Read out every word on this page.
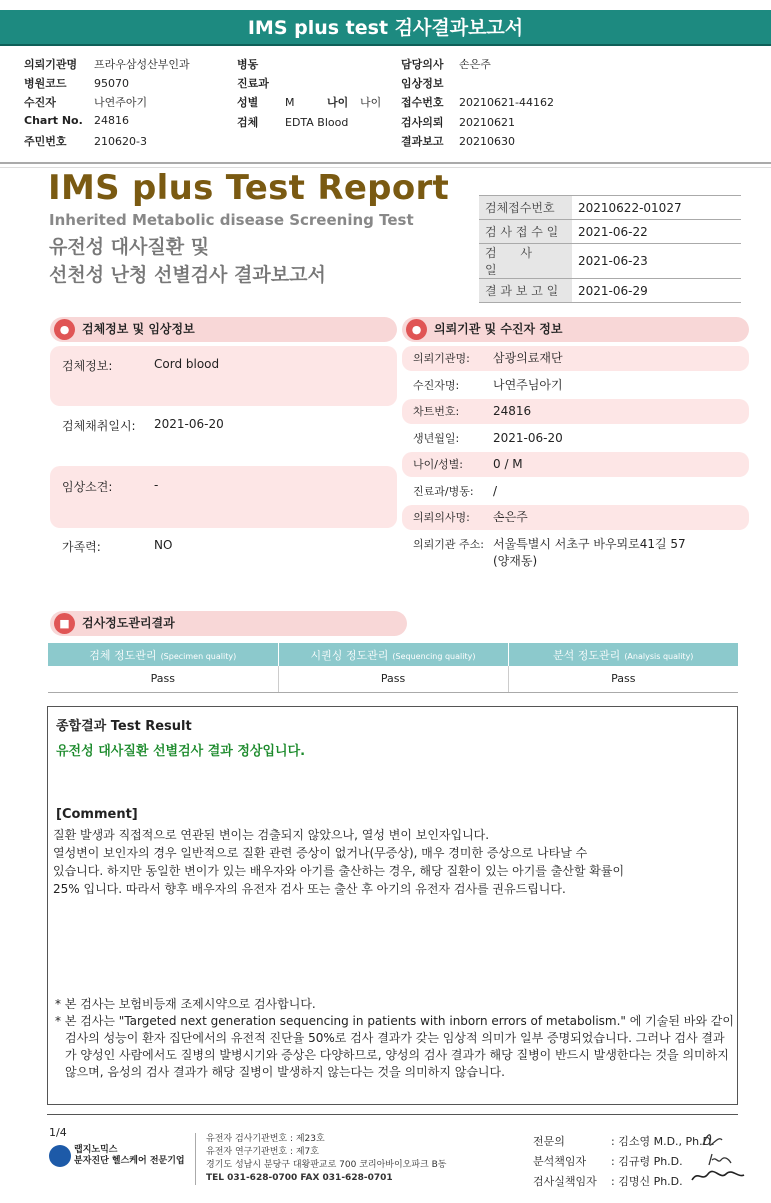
IMS plus test 검사결과보고서
의뢰기관명 프라우삼성산부인과
병원코드 95070
수진자	나연주아기
Chart No. 24816
주민번호 210620-3
병동
진료과
성별 M	나이 나이
검체 EDTA Blood
담당의사 손은주
임상정보
접수번호 20210621-44162
검사의뢰 20210621
결과보고 20210630
IMS plus Test Report
Inherited Metabolic disease Screening Test
유전성 대사질환 및
선천성 난청 선별검사 결과보고서
검체접수번호	20210622-01027
검 사 접 수 일	2021-06-22
검 사 일	2021-06-23
결 과 보 고 일	2021-06-29
●	검체정보 및 임상정보
검체정보:	Cord blood
검체채취일시: 2021-06-20
임상소견:	-
가족력:	NO
●	의뢰기관 및 수진자 정보
의뢰기관명: 삼광의료재단
수진자명:	나연주님아기
차트번호:	24816
생년월일:	2021-06-20
나이/성별:	0 / M
진료과/병동: /
의뢰의사명: 손은주
의뢰기관 주소: 서울특별시 서초구 바우뫼로41길 57
(양재동)
■	검사정도관리결과
검체 정도관리 (Specimen quality)	시퀀싱 정도관리 (Sequencing quality)	분석 정도관리 (Analysis quality)
Pass	Pass	Pass
종합결과 Test Result
유전성 대사질환 선별검사 결과 정상입니다.
[Comment]
질환 발생과 직접적으로 연관된 변이는 검출되지 않았으나, 열성 변이 보인자입니다.
열성변이 보인자의 경우 일반적으로 질환 관련 증상이 없거나(무증상), 매우 경미한 증상으로 나타날 수
있습니다. 하지만 동일한 변이가 있는 배우자와 아기를 출산하는 경우, 해당 질환이 있는 아기를 출산할 확률이
25% 입니다. 따라서 향후 배우자의 유전자 검사 또는 출산 후 아기의 유전자 검사를 권유드립니다.

* 본 검사는 보험비등재 조제시약으로 검사합니다.

* 본 검사는 "Targeted next generation sequencing in patients with inborn errors of metabolism." 에 기술된 바와 같이 검사의 성능이 환자 집단에서의 유전적 진단율 50%로 검사 결과가 갖는 임상적 의미가 일부 증명되었습니다. 그러나 검사 결과가 양성인 사람에서도 질병의 발병시기와 증상은 다양하므로, 양성의 검사 결과가 해당 질병이 반드시 발생한다는 것을 의미하지 않으며, 음성의 검사 결과가 해당 질병이 발생하지 않는다는 것을 의미하지 않습니다.

1/4
랩지노믹스
분자진단 헬스케어 전문기업
유전자 검사기관번호 : 제23호
유전자 연구기관번호 : 제7호
경기도 성남시 분당구 대왕판교로 700 코리아바이오파크 B동
TEL 031-628-0700 FAX 031-628-0701
전문의	: 김소영 M.D., Ph.D.
분석책임자 : 김규령 Ph.D.
검사실책임자 : 김명신 Ph.D.
